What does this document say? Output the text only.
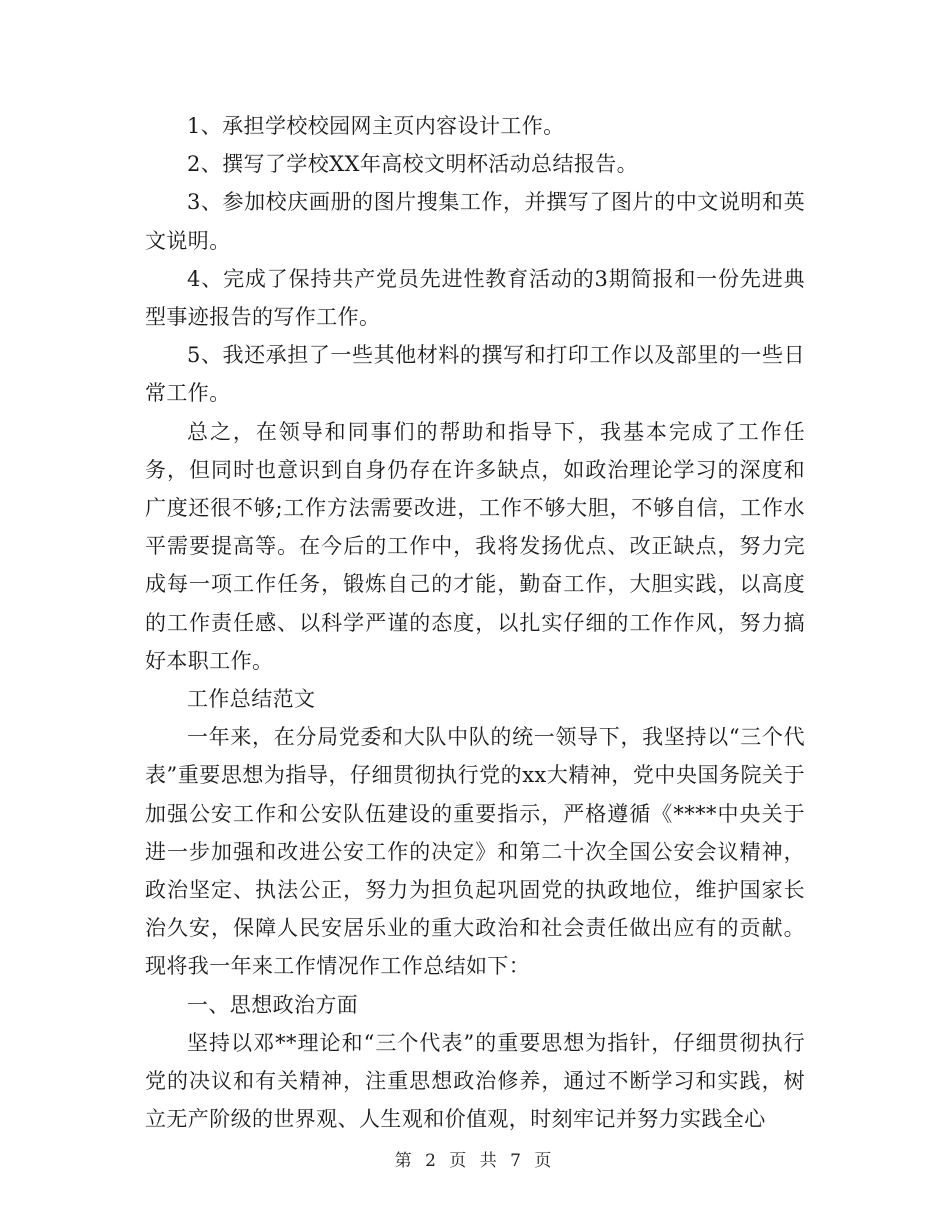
1、承担学校校园网主页内容设计工作。

2、撰写了学校XX年高校文明杯活动总结报告。

3、参加校庆画册的图片搜集工作，并撰写了图片的中文说明和英文说明。

4、完成了保持共产党员先进性教育活动的3期简报和一份先进典型事迹报告的写作工作。

5、我还承担了一些其他材料的撰写和打印工作以及部里的一些日常工作。

总之，在领导和同事们的帮助和指导下，我基本完成了工作任务，但同时也意识到自身仍存在许多缺点，如政治理论学习的深度和广度还很不够;工作方法需要改进，工作不够大胆，不够自信，工作水平需要提高等。在今后的工作中，我将发扬优点、改正缺点，努力完成每一项工作任务，锻炼自己的才能，勤奋工作，大胆实践，以高度的工作责任感、以科学严谨的态度，以扎实仔细的工作作风，努力搞好本职工作。

工作总结范文

一年来，在分局党委和大队中队的统一领导下，我坚持以“三个代表”重要思想为指导，仔细贯彻执行党的xx大精神，党中央国务院关于加强公安工作和公安队伍建设的重要指示，严格遵循《****中央关于进一步加强和改进公安工作的决定》和第二十次全国公安会议精神，政治坚定、执法公正，努力为担负起巩固党的执政地位，维护国家长治久安，保障人民安居乐业的重大政治和社会责任做出应有的贡献。现将我一年来工作情况作工作总结如下：

一、思想政治方面

坚持以邓**理论和“三个代表”的重要思想为指针，仔细贯彻执行党的决议和有关精神，注重思想政治修养，通过不断学习和实践，树立无产阶级的世界观、人生观和价值观，时刻牢记并努力实践全心

第 2 页 共 7 页
